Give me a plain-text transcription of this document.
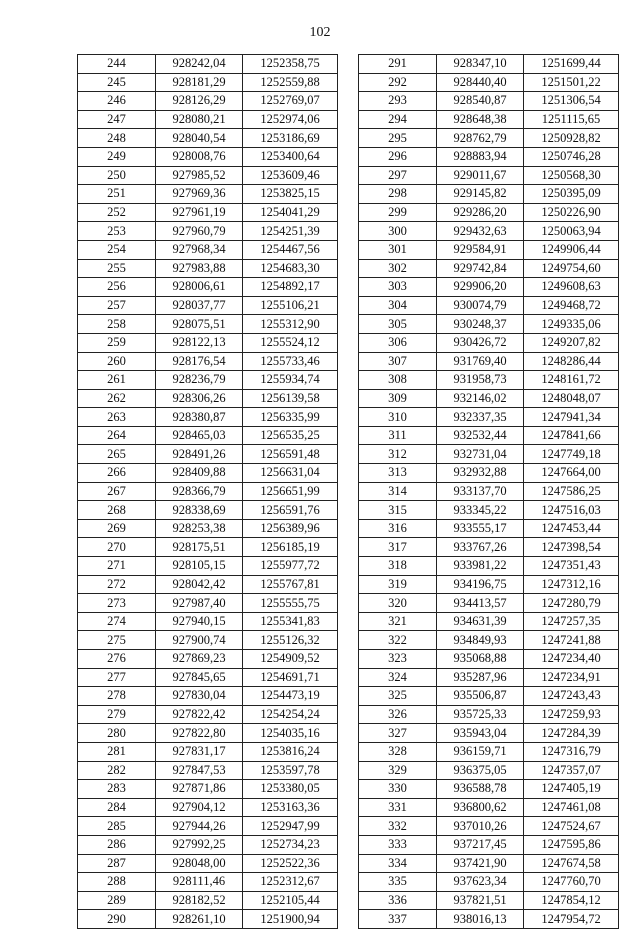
102
244	928242,04	1252358,75
245	928181,29	1252559,88
246	928126,29	1252769,07
247	928080,21	1252974,06
248	928040,54	1253186,69
249	928008,76	1253400,64
250	927985,52	1253609,46
251	927969,36	1253825,15
252	927961,19	1254041,29
253	927960,79	1254251,39
254	927968,34	1254467,56
255	927983,88	1254683,30
256	928006,61	1254892,17
257	928037,77	1255106,21
258	928075,51	1255312,90
259	928122,13	1255524,12
260	928176,54	1255733,46
261	928236,79	1255934,74
262	928306,26	1256139,58
263	928380,87	1256335,99
264	928465,03	1256535,25
265	928491,26	1256591,48
266	928409,88	1256631,04
267	928366,79	1256651,99
268	928338,69	1256591,76
269	928253,38	1256389,96
270	928175,51	1256185,19
271	928105,15	1255977,72
272	928042,42	1255767,81
273	927987,40	1255555,75
274	927940,15	1255341,83
275	927900,74	1255126,32
276	927869,23	1254909,52
277	927845,65	1254691,71
278	927830,04	1254473,19
279	927822,42	1254254,24
280	927822,80	1254035,16
281	927831,17	1253816,24
282	927847,53	1253597,78
283	927871,86	1253380,05
284	927904,12	1253163,36
285	927944,26	1252947,99
286	927992,25	1252734,23
287	928048,00	1252522,36
288	928111,46	1252312,67
289	928182,52	1252105,44
290	928261,10	1251900,94
291	928347,10	1251699,44
292	928440,40	1251501,22
293	928540,87	1251306,54
294	928648,38	1251115,65
295	928762,79	1250928,82
296	928883,94	1250746,28
297	929011,67	1250568,30
298	929145,82	1250395,09
299	929286,20	1250226,90
300	929432,63	1250063,94
301	929584,91	1249906,44
302	929742,84	1249754,60
303	929906,20	1249608,63
304	930074,79	1249468,72
305	930248,37	1249335,06
306	930426,72	1249207,82
307	931769,40	1248286,44
308	931958,73	1248161,72
309	932146,02	1248048,07
310	932337,35	1247941,34
311	932532,44	1247841,66
312	932731,04	1247749,18
313	932932,88	1247664,00
314	933137,70	1247586,25
315	933345,22	1247516,03
316	933555,17	1247453,44
317	933767,26	1247398,54
318	933981,22	1247351,43
319	934196,75	1247312,16
320	934413,57	1247280,79
321	934631,39	1247257,35
322	934849,93	1247241,88
323	935068,88	1247234,40
324	935287,96	1247234,91
325	935506,87	1247243,43
326	935725,33	1247259,93
327	935943,04	1247284,39
328	936159,71	1247316,79
329	936375,05	1247357,07
330	936588,78	1247405,19
331	936800,62	1247461,08
332	937010,26	1247524,67
333	937217,45	1247595,86
334	937421,90	1247674,58
335	937623,34	1247760,70
336	937821,51	1247854,12
337	938016,13	1247954,72
